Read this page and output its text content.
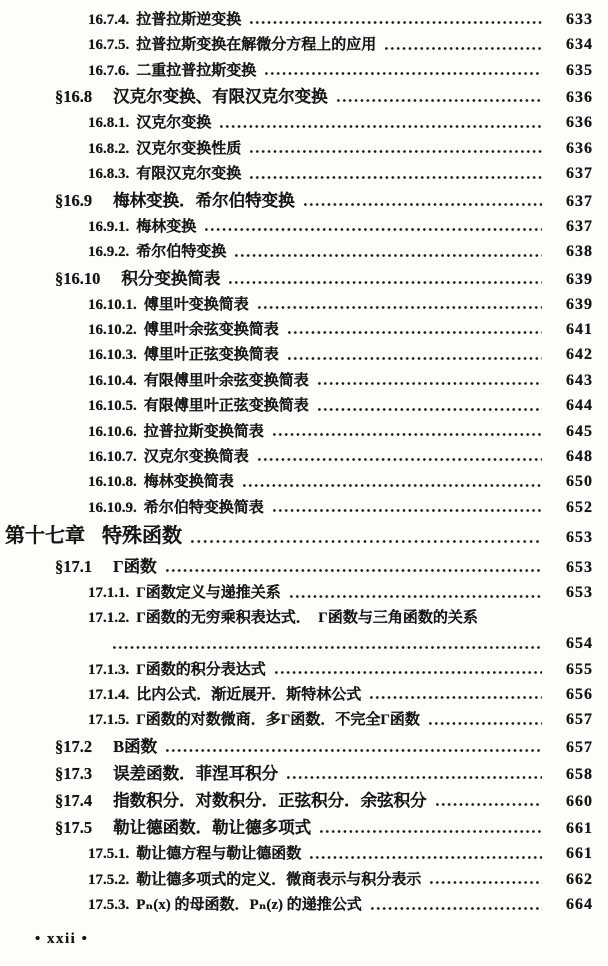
16.7.4. 拉普拉斯逆变换	633
16.7.5. 拉普拉斯变换在解微分方程上的应用	634
16.7.6. 二重拉普拉斯变换	635
§16.8 汉克尔变换、有限汉克尔变换	636
16.8.1. 汉克尔变换	636
16.8.2. 汉克尔变换性质	636
16.8.3. 有限汉克尔变换	637
§16.9 梅林变换．希尔伯特变换	637
16.9.1. 梅林变换	637
16.9.2. 希尔伯特变换	638
§16.10 积分变换简表	639
16.10.1. 傅里叶变换简表	639
16.10.2. 傅里叶余弦变换简表	641
16.10.3. 傅里叶正弦变换简表	642
16.10.4. 有限傅里叶余弦变换简表	643
16.10.5. 有限傅里叶正弦变换简表	644
16.10.6. 拉普拉斯变换简表	645
16.10.7. 汉克尔变换简表	648
16.10.8. 梅林变换简表	650
16.10.9. 希尔伯特变换简表	652
第十七章 特殊函数	653
§17.1 Γ函数	653
17.1.1. Γ函数定义与递推关系	653
17.1.2. Γ函数的无穷乘积表达式．　Γ函数与三角函数的关系
654
17.1.3. Γ函数的积分表达式	655
17.1.4. 比内公式．渐近展开．斯特林公式	656
17.1.5. Γ函数的对数微商．多Γ函数．不完全Γ函数	657
§17.2 B函数	657
§17.3 误差函数．菲涅耳积分	658
§17.4 指数积分．对数积分．正弦积分．余弦积分	660
§17.5 勒让德函数．勒让德多项式	661
17.5.1. 勒让德方程与勒让德函数	661
17.5.2. 勒让德多项式的定义．微商表示与积分表示	662
17.5.3. Pₙ(x) 的母函数．Pₙ(z) 的递推公式	664
• xxii •
